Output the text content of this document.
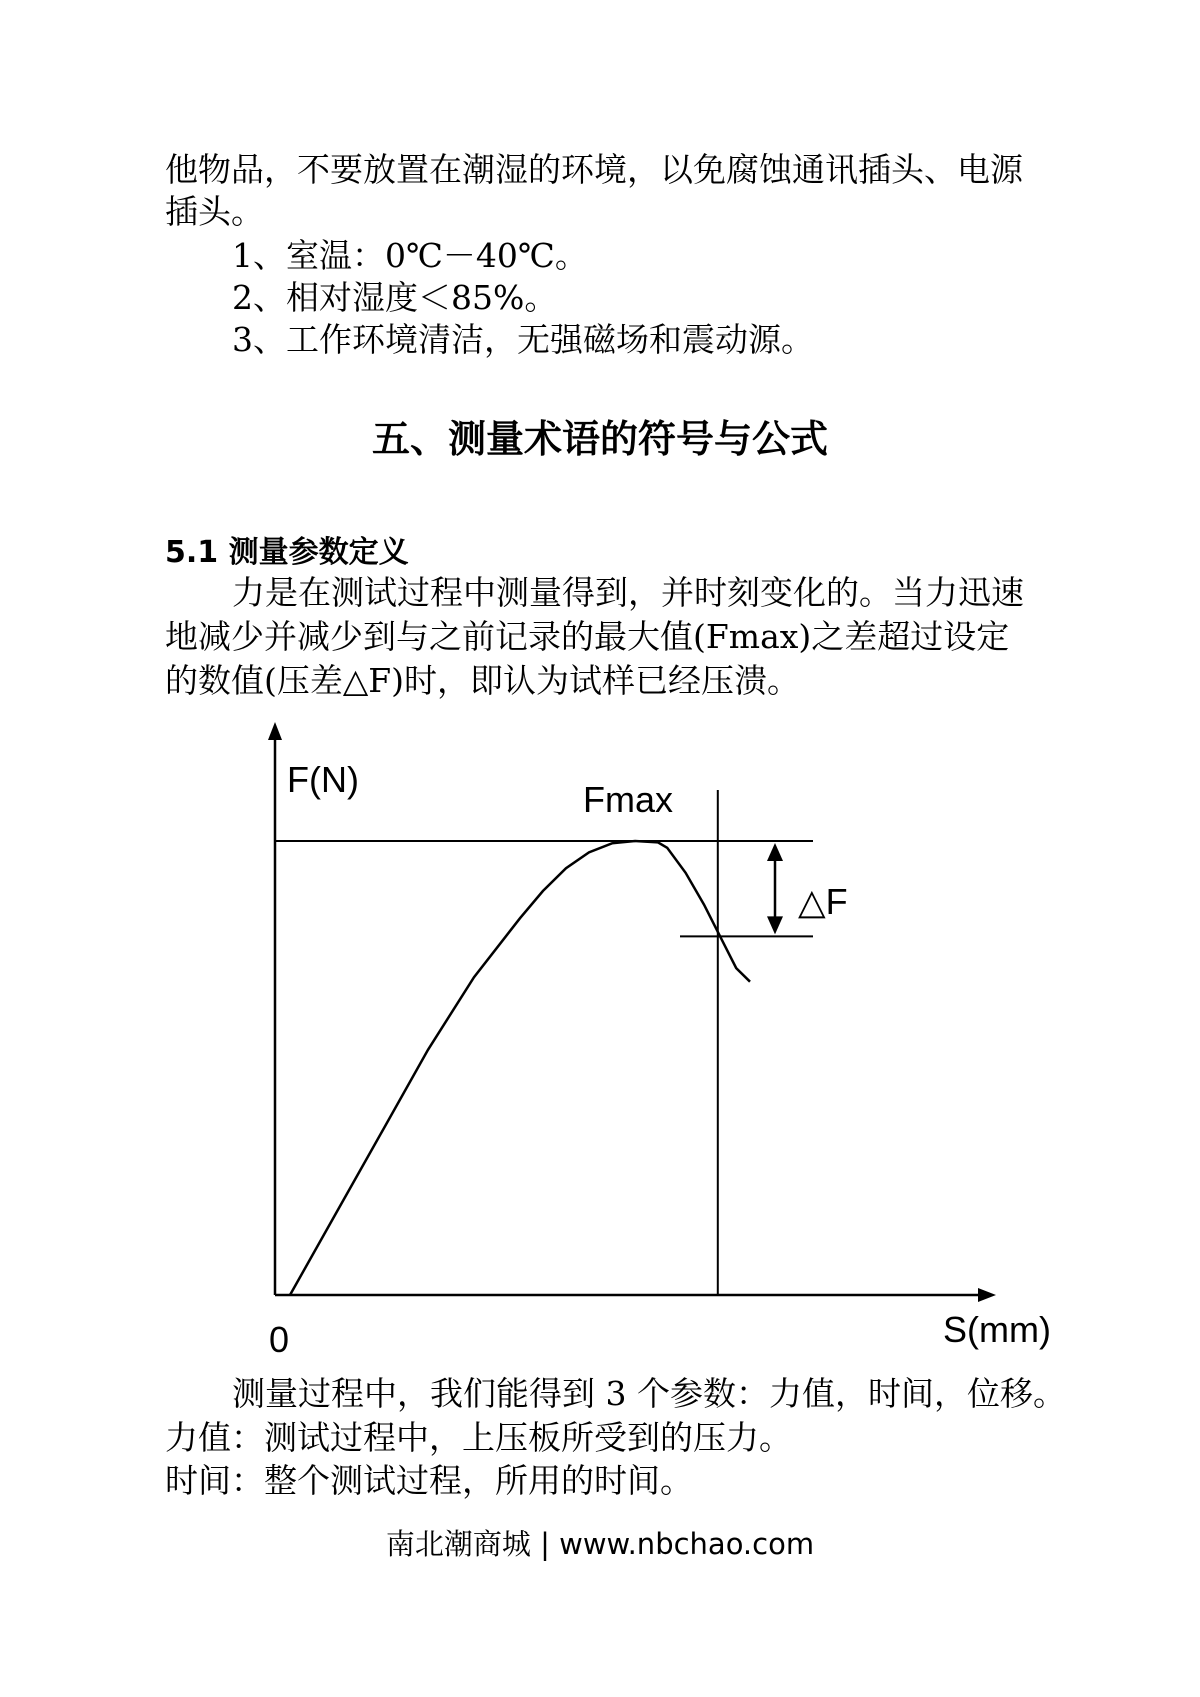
他物品，不要放置在潮湿的环境，以免腐蚀通讯插头、电源
插头。
1、室温：0℃－40℃。
2、相对湿度＜85%。
3、工作环境清洁，无强磁场和震动源。
五、测量术语的符号与公式
5.1 测量参数定义
力是在测试过程中测量得到，并时刻变化的。当力迅速
地减少并减少到与之前记录的最大值(Fmax)之差超过设定
的数值(压差△F)时，即认为试样已经压溃。
F(N)	Fmax
△F
0	S(mm)
测量过程中，我们能得到 3 个参数：力值，时间，位移。
力值：测试过程中，上压板所受到的压力。
时间：整个测试过程，所用的时间。
南北潮商城 | www.nbchao.com
